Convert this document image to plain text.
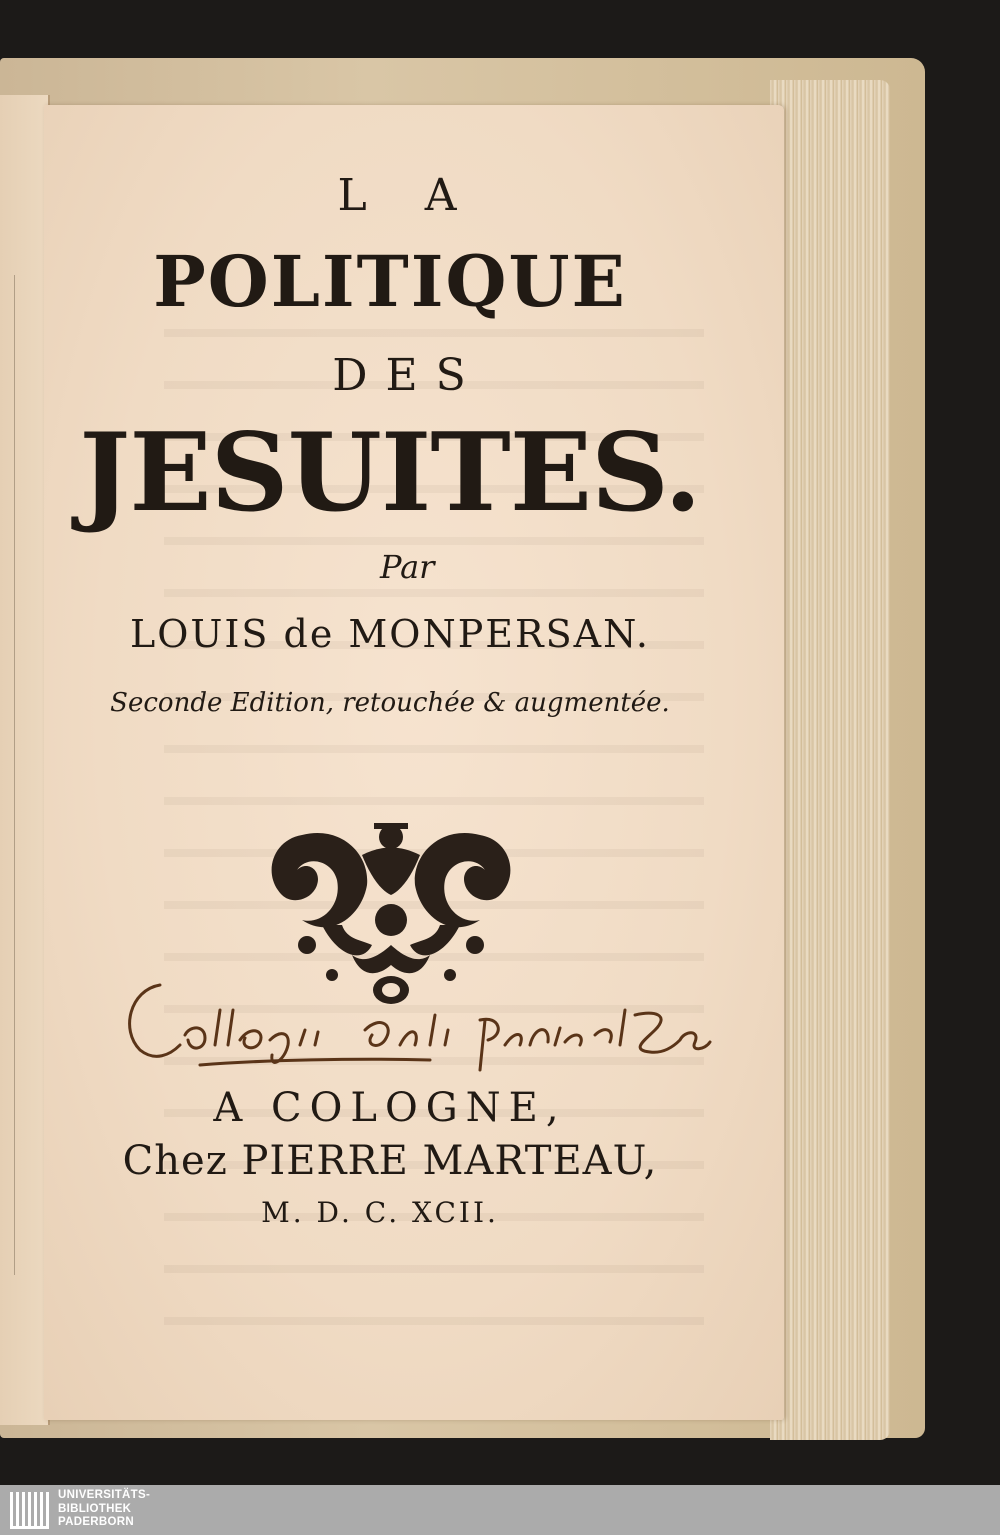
L A
POLITIQUE
DES
JESUITES.
Par
LOUIS de MONPERSAN.
Seconde Edition, retouchée & augmentée.
A COLOGNE,
Chez PIERRE MARTEAU,
M. D. C. XCII.
UNIVERSITÄTS-
BIBLIOTHEK
PADERBORN
